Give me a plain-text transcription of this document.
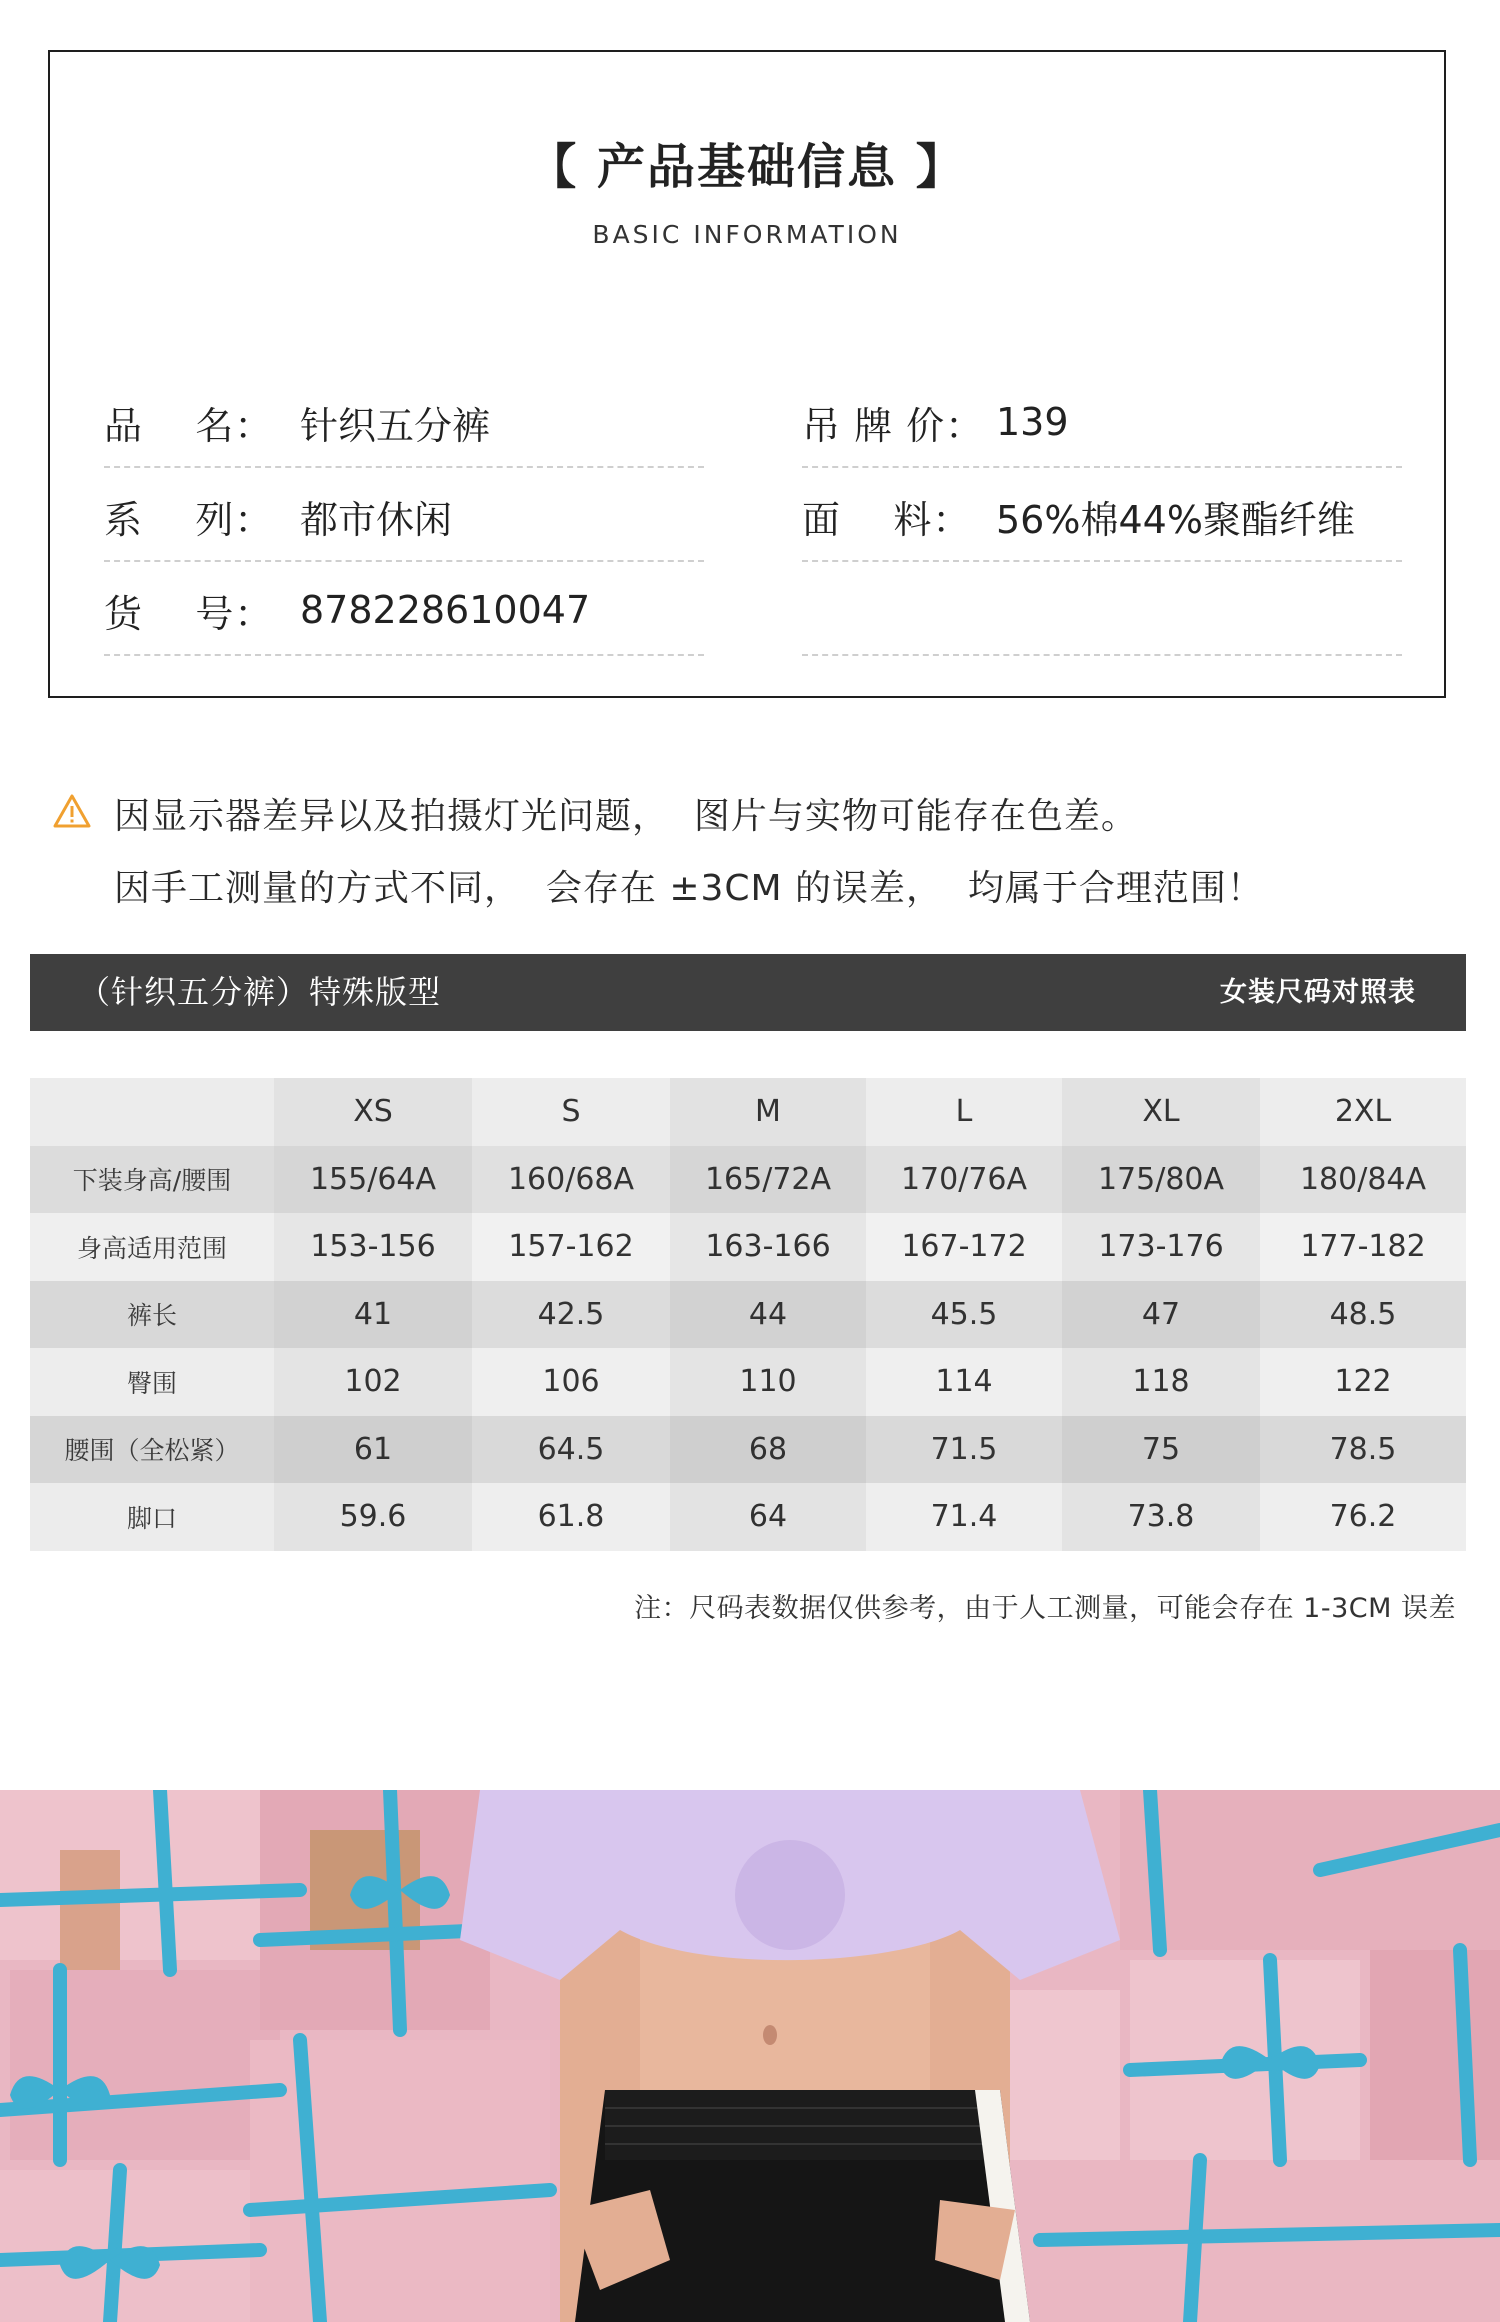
【 产品基础信息 】
BASIC INFORMATION
品    名： 针织五分裤
系    列： 都市休闲
货    号： 878228610047
吊 牌 价： 139
面    料： 56%棉44%聚酯纤维
因显示器差异以及拍摄灯光问题，  图片与实物可能存在色差。
因手工测量的方式不同，  会存在 ±3CM 的误差，  均属于合理范围！
（针织五分裤）特殊版型	女装尺码对照表
	XS	S	M	L	XL	2XL
下装身高/腰围	155/64A	160/68A	165/72A	170/76A	175/80A	180/84A
身高适用范围	153-156	157-162	163-166	167-172	173-176	177-182
裤长	41	42.5	44	45.5	47	48.5
臀围	102	106	110	114	118	122
腰围（全松紧）	61	64.5	68	71.5	75	78.5
脚口	59.6	61.8	64	71.4	73.8	76.2
注：尺码表数据仅供参考，由于人工测量，可能会存在 1-3CM 误差
